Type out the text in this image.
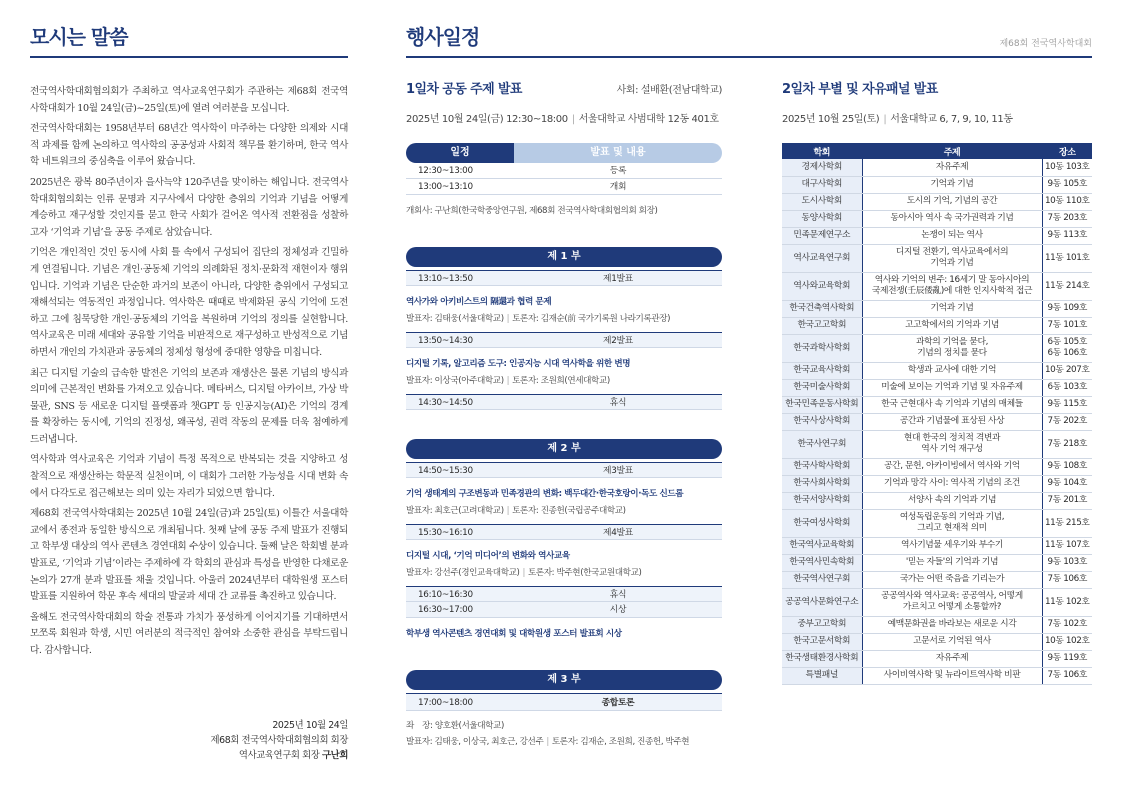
모시는 말씀

전국역사학대회협의회가 주최하고 역사교육연구회가 주관하는 제68회 전국역사학대회가 10월 24일(금)~25일(토)에 열려 여러분을 모십니다.

전국역사학대회는 1958년부터 68년간 역사학이 마주하는 다양한 의제와 시대적 과제를 함께 논의하고 역사학의 공공성과 사회적 책무를 환기하며, 한국 역사학 네트워크의 중심축을 이루어 왔습니다.

2025년은 광복 80주년이자 을사늑약 120주년을 맞이하는 해입니다. 전국역사학대회협의회는 인류 문명과 지구사에서 다양한 층위의 기억과 기념을 어떻게 계승하고 재구성할 것인지를 묻고 한국 사회가 걸어온 역사적 전환점을 성찰하고자 ‘기억과 기념’을 공동 주제로 삼았습니다.

기억은 개인적인 것인 동시에 사회 틀 속에서 구성되어 집단의 정체성과 긴밀하게 연결됩니다. 기념은 개인·공동체 기억의 의례화된 정치·문화적 재현이자 행위입니다. 기억과 기념은 단순한 과거의 보존이 아니라, 다양한 층위에서 구성되고 재해석되는 역동적인 과정입니다. 역사학은 때때로 박제화된 공식 기억에 도전하고 그에 침묵당한 개인·공동체의 기억을 복원하며 기억의 정의를 실현합니다. 역사교육은 미래 세대와 공유할 기억을 비판적으로 재구성하고 반성적으로 기념하면서 개인의 가치관과 공동체의 정체성 형성에 중대한 영향을 미칩니다.

최근 디지털 기술의 급속한 발전은 기억의 보존과 재생산은 물론 기념의 방식과 의미에 근본적인 변화를 가져오고 있습니다. 메타버스, 디지털 아카이브, 가상 박물관, SNS 등 새로운 디지털 플랫폼과 챗GPT 등 인공지능(AI)은 기억의 경계를 확장하는 동시에, 기억의 진정성, 왜곡성, 권력 작동의 문제를 더욱 첨예하게 드러냅니다.

역사학과 역사교육은 기억과 기념이 특정 목적으로 반복되는 것을 지양하고 성찰적으로 재생산하는 학문적 실천이며, 이 대회가 그러한 가능성을 시대 변화 속에서 다각도로 접근해보는 의미 있는 자리가 되었으면 합니다.

제68회 전국역사학대회는 2025년 10월 24일(금)과 25일(토) 이틀간 서울대학교에서 종전과 동일한 방식으로 개최됩니다. 첫째 날에 공동 주제 발표가 진행되고 학부생 대상의 역사 콘텐츠 경연대회 수상이 있습니다. 둘째 날은 학회별 분과 발표로, ‘기억과 기념’이라는 주제하에 각 학회의 관심과 특성을 반영한 다채로운 논의가 27개 분과 발표를 채울 것입니다. 아울러 2024년부터 대학원생 포스터 발표를 지원하여 학문 후속 세대의 발굴과 세대 간 교류를 촉진하고 있습니다.

올해도 전국역사학대회의 학술 전통과 가치가 풍성하게 이어지기를 기대하면서 모쪼록 회원과 학생, 시민 여러분의 적극적인 참여와 소중한 관심을 부탁드립니다. 감사합니다.

2025년 10월 24일
제68회 전국역사학대회협의회 회장
역사교육연구회 회장 구난희
행사일정	제68회 전국역사학대회
1일차 공동 주제 발표	사회: 설배환(전남대학교)
2025년 10월 24일(금) 12:30~18:00 | 서울대학교 사범대학 12동 401호
일정	발표 및 내용
12:30~13:00	등록
13:00~13:10	개회
개회사: 구난희(한국학중앙연구원, 제68회 전국역사학대회협의회 회장)
제 1 부
13:10~13:50	제1발표
역사가와 아키비스트의 隔還과 협력 문제
발표자: 김태웅(서울대학교) | 토론자: 김재순(前 국가기록원 나라기록관장)
13:50~14:30	제2발표
디지털 기록, 알고리즘 도구: 인공지능 시대 역사학을 위한 변명
발표자: 이상국(아주대학교) | 토론자: 조원희(연세대학교)
14:30~14:50	휴식
제 2 부
14:50~15:30	제3발표
기억 생태계의 구조변동과 민족경관의 변화: 백두대간·한국호랑이·독도 신드롬
발표자: 최호근(고려대학교) | 토론자: 진종헌(국립공주대학교)
15:30~16:10	제4발표
디지털 시대, ‘기억 미디어’의 변화와 역사교육
발표자: 강선주(경인교육대학교) | 토론자: 박주현(한국교원대학교)
16:10~16:30	휴식
16:30~17:00	시상
학부생 역사콘텐츠 경연대회 및 대학원생 포스터 발표회 시상
제 3 부
17:00~18:00	종합토론
좌　장: 양호환(서울대학교)
발표자: 김태웅, 이상국, 최호근, 강선주 | 토론자: 김재순, 조원희, 진종헌, 박주현
2일차 부별 및 자유패널 발표
2025년 10월 25일(토) | 서울대학교 6, 7, 9, 10, 11동
학회	주제	장소
경제사학회	자유주제	10동 103호
대구사학회	기억과 기념	9동 105호
도시사학회	도시의 기억, 기념의 공간	10동 110호
동양사학회	동아시아 역사 속 국가권력과 기념	7동 203호
민족문제연구소	논쟁이 되는 역사	9동 113호
역사교육연구회	디지털 전환기, 역사교육에서의
기억과 기념	11동 101호
역사와교육학회	역사와 기억의 변주: 16세기 말 동아시아의
국제전쟁(壬辰倭亂)에 대한 인지사학적 접근	11동 214호
한국건축역사학회	기억과 기념	9동 109호
한국고고학회	고고학에서의 기억과 기념	7동 101호
한국과학사학회	과학의 기억을 묻다,
기념의 정치를 묻다	6동 105호
6동 106호
한국교육사학회	학생과 교사에 대한 기억	10동 207호
한국미술사학회	미술에 보이는 기억과 기념 및 자유주제	6동 103호
한국민족운동사학회	한국 근현대사 속 기억과 기념의 매체들	9동 115호
한국사상사학회	공간과 기념물에 표상된 사상	7동 202호
한국사연구회	현대 한국의 정치적 격변과
역사 기억 재구성	7동 218호
한국사학사학회	공간, 문헌, 아카이빙에서 역사와 기억	9동 108호
한국사회사학회	기억과 망각 사이: 역사적 기념의 조건	9동 104호
한국서양사학회	서양사 속의 기억과 기념	7동 201호
한국여성사학회	여성독립운동의 기억과 기념,
그리고 현재적 의미	11동 215호
한국역사교육학회	역사기념물 세우기와 부수기	11동 107호
한국역사민속학회	'믿는 자들'의 기억과 기념	9동 103호
한국역사연구회	국가는 어떤 죽음을 기리는가	7동 106호
공공역사문화연구소	공공역사와 역사교육: 공공역사, 어떻게
가르치고 어떻게 소통할까?	11동 102호
중부고고학회	예맥문화권을 바라보는 새로운 시각	7동 102호
한국고문서학회	고문서로 기억된 역사	10동 102호
한국생태환경사학회	자유주제	9동 119호
특별패널	사이비역사학 및 뉴라이트역사학 비판	7동 106호
